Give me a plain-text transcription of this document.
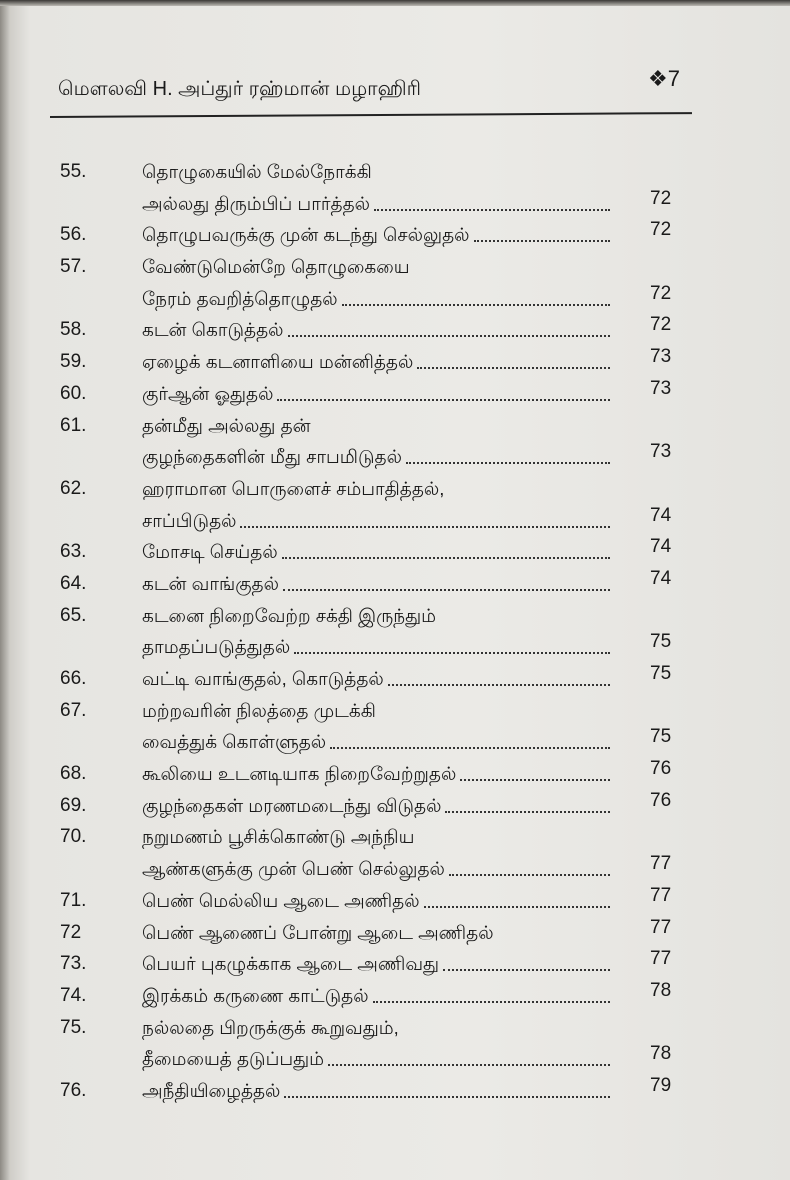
மௌலவி H. அப்துர் ரஹ்மான் மழாஹிரி	❖7
55.	தொழுகையில் மேல்நோக்கி
அல்லது திரும்பிப் பார்த்தல்	72
56.	தொழுபவருக்கு முன் கடந்து செல்லுதல்	72
57.	வேண்டுமென்றே தொழுகையை
நேரம் தவறித்தொழுதல்	72
58.	கடன் கொடுத்தல்	72
59.	ஏழைக் கடனாளியை மன்னித்தல்	73
60.	குர்ஆன் ஓதுதல்	73
61.	தன்மீது அல்லது தன்
குழந்தைகளின் மீது சாபமிடுதல்	73
62.	ஹராமான பொருளைச் சம்பாதித்தல்,
சாப்பிடுதல்	74
63.	மோசடி செய்தல்	74
64.	கடன் வாங்குதல்	74
65.	கடனை நிறைவேற்ற சக்தி இருந்தும்
தாமதப்படுத்துதல்	75
66.	வட்டி வாங்குதல், கொடுத்தல்	75
67.	மற்றவரின் நிலத்தை முடக்கி
வைத்துக் கொள்ளுதல்	75
68.	கூலியை உடனடியாக நிறைவேற்றுதல்	76
69.	குழந்தைகள் மரணமடைந்து விடுதல்	76
70.	நறுமணம் பூசிக்கொண்டு அந்நிய
ஆண்களுக்கு முன் பெண் செல்லுதல்	77
71.	பெண் மெல்லிய ஆடை அணிதல்	77
72	பெண் ஆணைப் போன்று ஆடை அணிதல்	77
73.	பெயர் புகழுக்காக ஆடை அணிவது	77
74.	இரக்கம் கருணை காட்டுதல்	78
75.	நல்லதை பிறருக்குக் கூறுவதும்,
தீமையைத் தடுப்பதும்	78
76.	அநீதியிழைத்தல்	79
